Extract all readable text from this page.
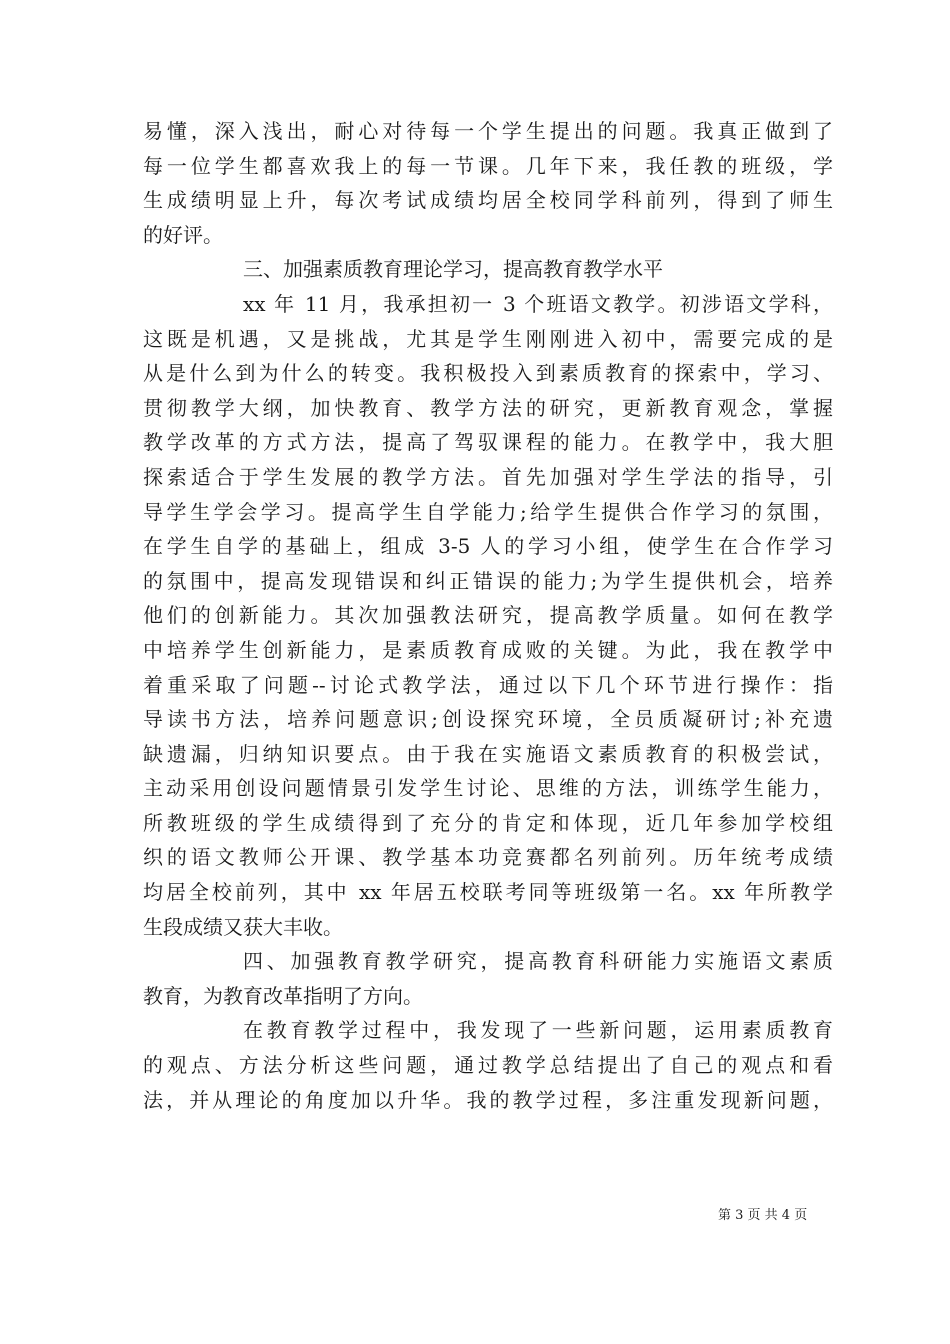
易懂，深入浅出，耐心对待每一个学生提出的问题。我真正做到了
每一位学生都喜欢我上的每一节课。几年下来，我任教的班级，学
生成绩明显上升，每次考试成绩均居全校同学科前列，得到了师生
的好评。
三、加强素质教育理论学习，提高教育教学水平
xx 年 11 月，我承担初一 3 个班语文教学。初涉语文学科，
这既是机遇，又是挑战，尤其是学生刚刚进入初中，需要完成的是
从是什么到为什么的转变。我积极投入到素质教育的探索中，学习、
贯彻教学大纲，加快教育、教学方法的研究，更新教育观念，掌握
教学改革的方式方法，提高了驾驭课程的能力。在教学中，我大胆
探索适合于学生发展的教学方法。首先加强对学生学法的指导，引
导学生学会学习。提高学生自学能力;给学生提供合作学习的氛围，
在学生自学的基础上，组成 3-5 人的学习小组，使学生在合作学习
的氛围中，提高发现错误和纠正错误的能力;为学生提供机会，培养
他们的创新能力。其次加强教法研究，提高教学质量。如何在教学
中培养学生创新能力，是素质教育成败的关键。为此，我在教学中
着重采取了问题--讨论式教学法，通过以下几个环节进行操作：指
导读书方法，培养问题意识;创设探究环境，全员质凝研讨;补充遗
缺遗漏，归纳知识要点。由于我在实施语文素质教育的积极尝试，
主动采用创设问题情景引发学生讨论、思维的方法，训练学生能力，
所教班级的学生成绩得到了充分的肯定和体现，近几年参加学校组
织的语文教师公开课、教学基本功竞赛都名列前列。历年统考成绩
均居全校前列，其中 xx 年居五校联考同等班级第一名。xx 年所教学
生段成绩又获大丰收。
四、加强教育教学研究，提高教育科研能力实施语文素质
教育，为教育改革指明了方向。
在教育教学过程中，我发现了一些新问题，运用素质教育
的观点、方法分析这些问题，通过教学总结提出了自己的观点和看
法，并从理论的角度加以升华。我的教学过程，多注重发现新问题，
第 3 页 共 4 页
